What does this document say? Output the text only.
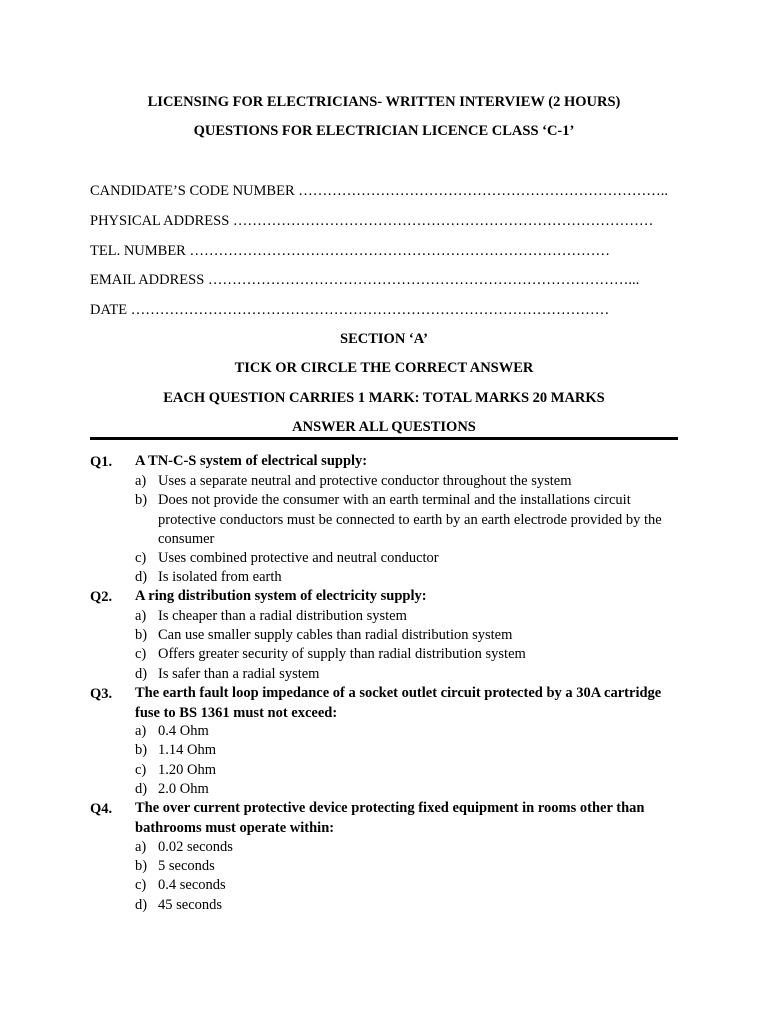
LICENSING FOR ELECTRICIANS- WRITTEN INTERVIEW (2 HOURS)
QUESTIONS FOR ELECTRICIAN LICENCE CLASS ‘C-1’
CANDIDATE’S CODE NUMBER …………………………………………………………………..
PHYSICAL ADDRESS ……………………………………………………………………………
TEL. NUMBER ……………………………………………………………………………
EMAIL ADDRESS ……………………………………………………………………………...
DATE ………………………………………………………………………………………
SECTION ‘A’
TICK OR CIRCLE THE CORRECT ANSWER
EACH QUESTION CARRIES 1 MARK: TOTAL MARKS 20 MARKS
ANSWER ALL QUESTIONS
Q1. A TN-C-S system of electrical supply:
a) Uses a separate neutral and protective conductor throughout the system
b) Does not provide the consumer with an earth terminal and the installations circuit protective conductors must be connected to earth by an earth electrode provided by the consumer
c) Uses combined protective and neutral conductor
d) Is isolated from earth
Q2. A ring distribution system of electricity supply:
a) Is cheaper than a radial distribution system
b) Can use smaller supply cables than radial distribution system
c) Offers greater security of supply than radial distribution system
d) Is safer than a radial system
Q3. The earth fault loop impedance of a socket outlet circuit protected by a 30A cartridge fuse to BS 1361 must not exceed:
a) 0.4 Ohm
b) 1.14 Ohm
c) 1.20 Ohm
d) 2.0 Ohm
Q4. The over current protective device protecting fixed equipment in rooms other than bathrooms must operate within:
a) 0.02 seconds
b) 5 seconds
c) 0.4 seconds
d) 45 seconds
